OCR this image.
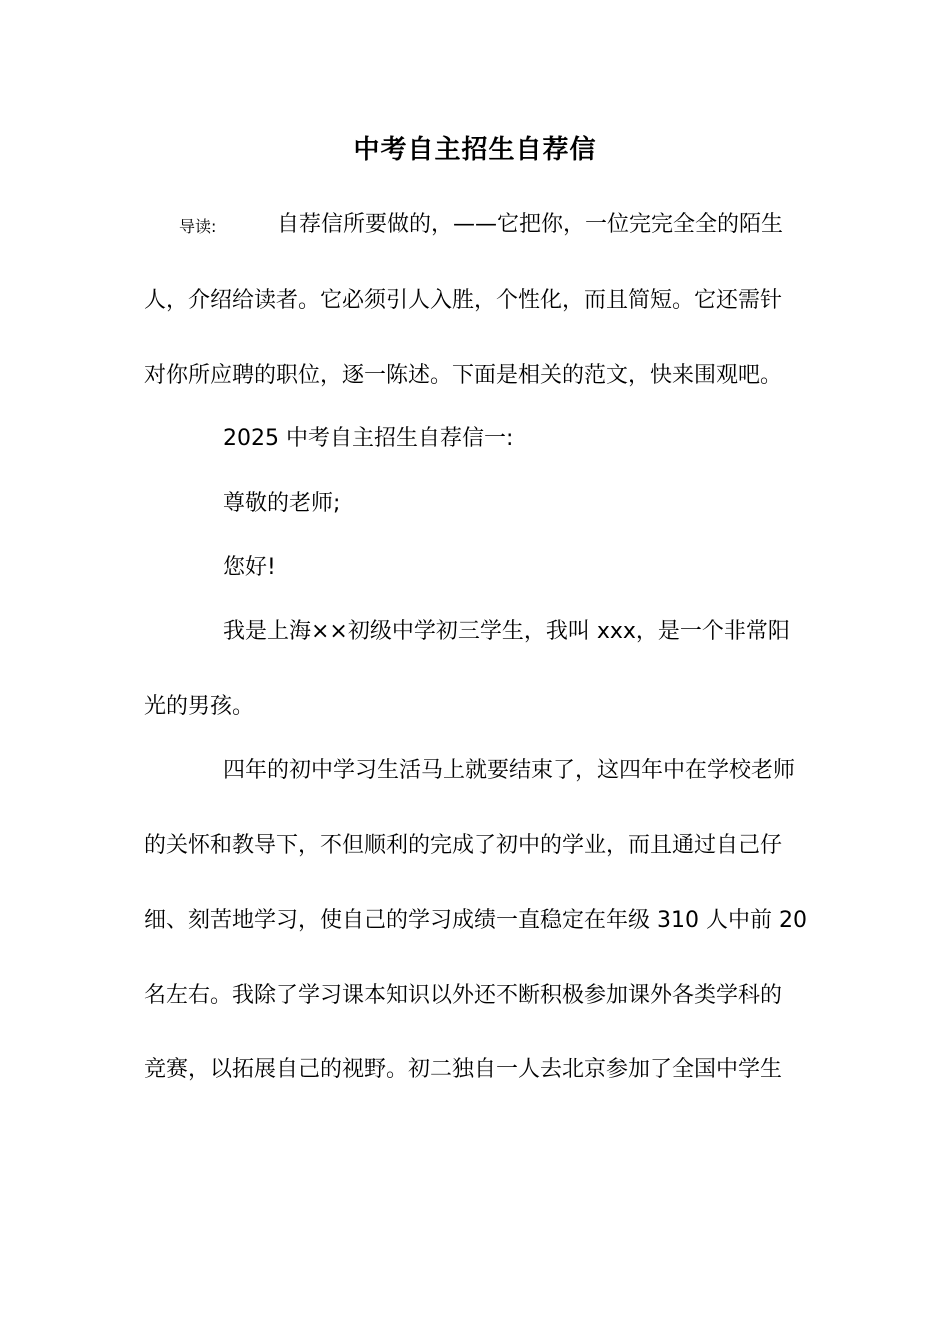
中考自主招生自荐信
导读:	自荐信所要做的，——它把你，一位完完全全的陌生
人，介绍给读者。它必须引人入胜，个性化，而且简短。它还需针
对你所应聘的职位，逐一陈述。下面是相关的范文，快来围观吧。
2025 中考自主招生自荐信一:
尊敬的老师;
您好!
我是上海××初级中学初三学生，我叫 xxx，是一个非常阳
光的男孩。
四年的初中学习生活马上就要结束了，这四年中在学校老师
的关怀和教导下，不但顺利的完成了初中的学业，而且通过自己仔
细、刻苦地学习，使自己的学习成绩一直稳定在年级 310 人中前 20
名左右。我除了学习课本知识以外还不断积极参加课外各类学科的
竞赛，以拓展自己的视野。初二独自一人去北京参加了全国中学生
